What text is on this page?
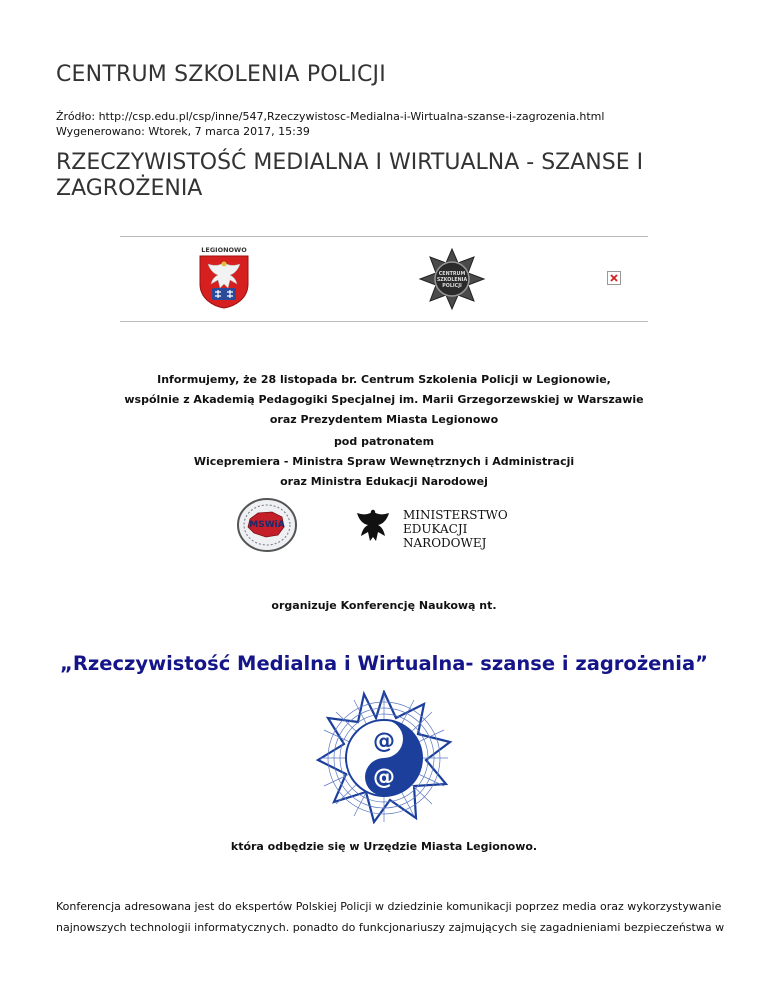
CENTRUM SZKOLENIA POLICJI
Źródło: http://csp.edu.pl/csp/inne/547,Rzeczywistosc-Medialna-i-Wirtualna-szanse-i-zagrozenia.html
Wygenerowano: Wtorek, 7 marca 2017, 15:39
RZECZYWISTOŚĆ MEDIALNA I WIRTUALNA - SZANSE I ZAGROŻENIA
LEGIONOWO
CENTRUM
SZKOLENIA
POLICJI
Informujemy, że 28 listopada br. Centrum Szkolenia Policji w Legionowie,
wspólnie z Akademią Pedagogiki Specjalnej im. Marii Grzegorzewskiej w Warszawie
oraz Prezydentem Miasta Legionowo
pod patronatem
Wicepremiera - Ministra Spraw Wewnętrznych i Administracji
oraz Ministra Edukacji Narodowej
MSWiA
MINISTERSTWO
EDUKACJI
NARODOWEJ
organizuje Konferencję Naukową nt.
„Rzeczywistość Medialna i Wirtualna- szanse i zagrożenia”
@
@
która odbędzie się w Urzędzie Miasta Legionowo.
Konferencja adresowana jest do ekspertów Polskiej Policji w dziedzinie komunikacji poprzez media oraz wykorzystywanie
najnowszych technologii informatycznych. ponadto do funkcjonariuszy zajmujących się zagadnieniami bezpieczeństwa w
